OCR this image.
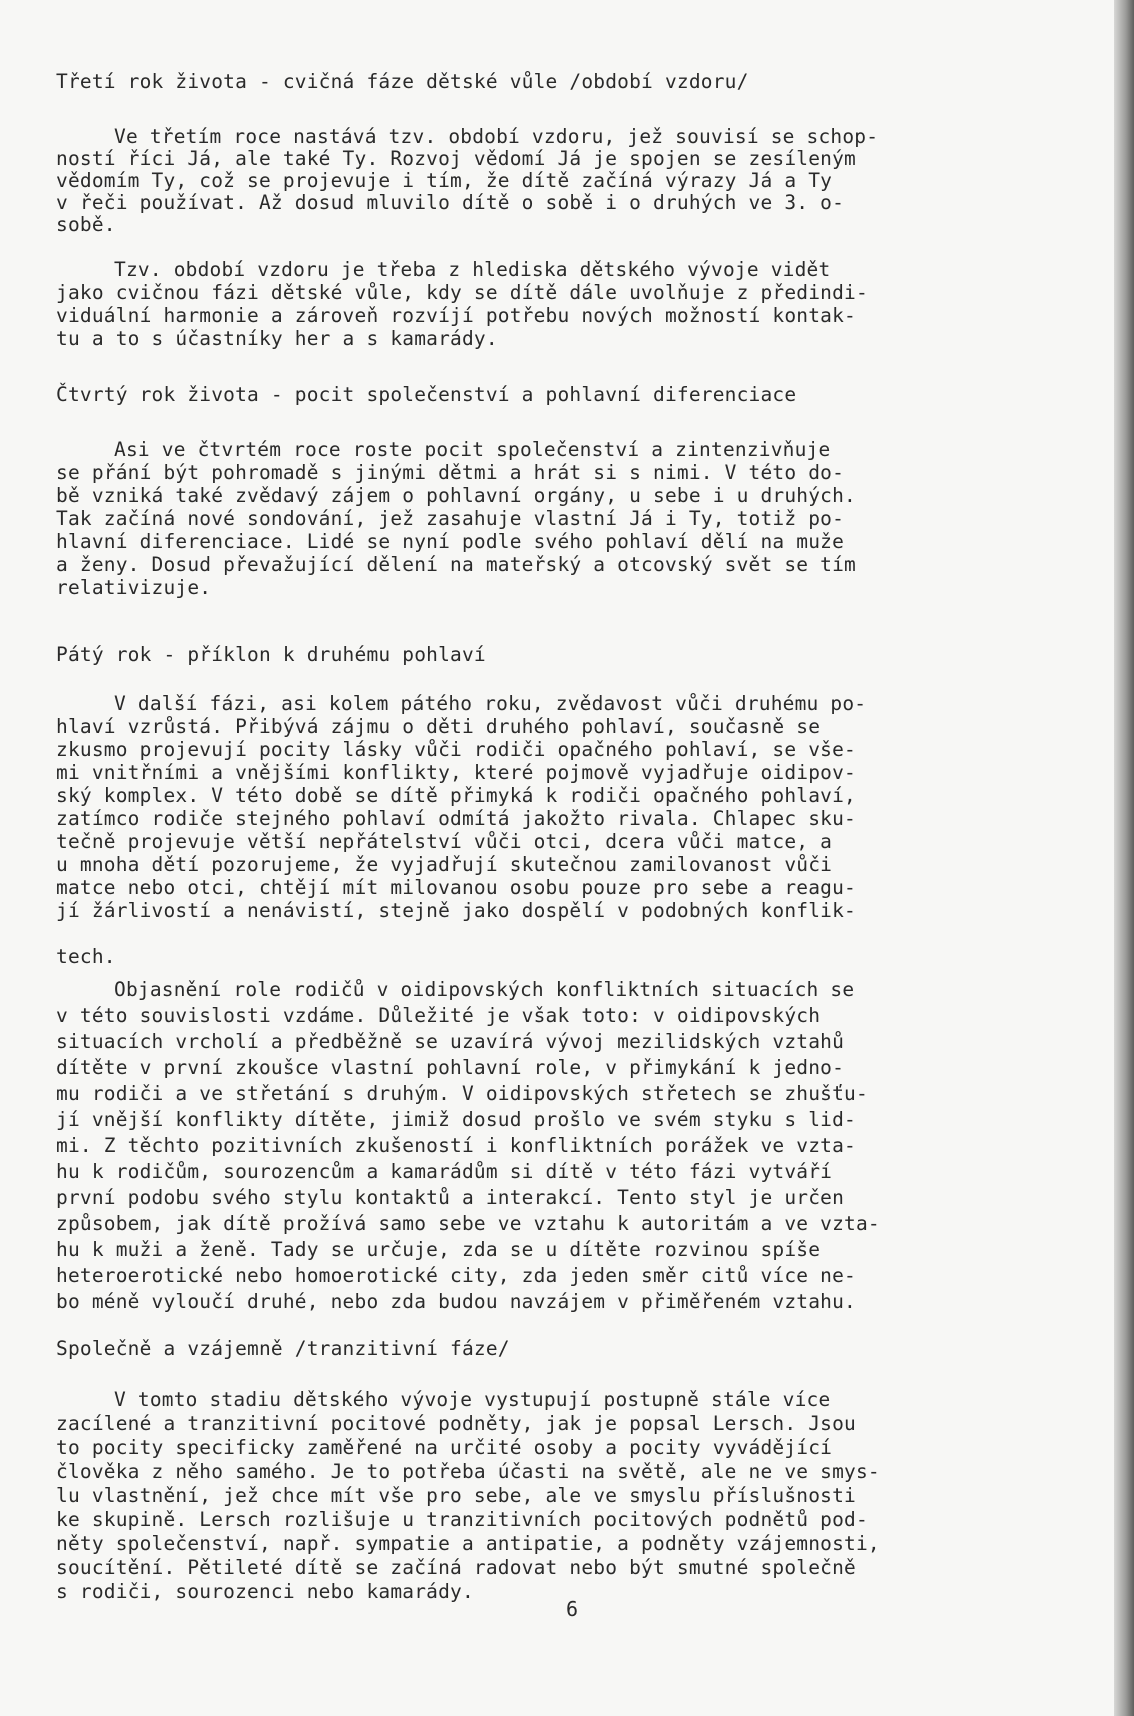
Třetí rok života - cvičná fáze dětské vůle /období vzdoru/
Ve třetím roce nastává tzv. období vzdoru, jež souvisí se schop-
ností říci Já, ale také Ty. Rozvoj vědomí Já je spojen se zesíleným
vědomím Ty, což se projevuje i tím, že dítě začíná výrazy Já a Ty
v řeči používat. Až dosud mluvilo dítě o sobě i o druhých ve 3. o-
sobě.
Tzv. období vzdoru je třeba z hlediska dětského vývoje vidět
jako cvičnou fázi dětské vůle, kdy se dítě dále uvolňuje z předindi-
viduální harmonie a zároveň rozvíjí potřebu nových možností kontak-
tu a to s účastníky her a s kamarády.
Čtvrtý rok života - pocit společenství a pohlavní diferenciace
Asi ve čtvrtém roce roste pocit společenství a zintenzivňuje
se přání být pohromadě s jinými dětmi a hrát si s nimi. V této do-
bě vzniká také zvědavý zájem o pohlavní orgány, u sebe i u druhých.
Tak začíná nové sondování, jež zasahuje vlastní Já i Ty, totiž po-
hlavní diferenciace. Lidé se nyní podle svého pohlaví dělí na muže
a ženy. Dosud převažující dělení na mateřský a otcovský svět se tím
relativizuje.
Pátý rok - příklon k druhému pohlaví
V další fázi, asi kolem pátého roku, zvědavost vůči druhému po-
hlaví vzrůstá. Přibývá zájmu o děti druhého pohlaví, současně se
zkusmo projevují pocity lásky vůči rodiči opačného pohlaví, se vše-
mi vnitřními a vnějšími konflikty, které pojmově vyjadřuje oidipov-
ský komplex. V této době se dítě přimyká k rodiči opačného pohlaví,
zatímco rodiče stejného pohlaví odmítá jakožto rivala. Chlapec sku-
tečně projevuje větší nepřátelství vůči otci, dcera vůči matce, a
u mnoha dětí pozorujeme, že vyjadřují skutečnou zamilovanost vůči
matce nebo otci, chtějí mít milovanou osobu pouze pro sebe a reagu-
jí žárlivostí a nenávistí, stejně jako dospělí v podobných konflik-
tech.
Objasnění role rodičů v oidipovských konfliktních situacích se
v této souvislosti vzdáme. Důležité je však toto: v oidipovských
situacích vrcholí a předběžně se uzavírá vývoj mezilidských vztahů
dítěte v první zkoušce vlastní pohlavní role, v přimykání k jedno-
mu rodiči a ve střetání s druhým. V oidipovských střetech se zhušťu-
jí vnější konflikty dítěte, jimiž dosud prošlo ve svém styku s lid-
mi. Z těchto pozitivních zkušeností i konfliktních porážek ve vzta-
hu k rodičům, sourozencům a kamarádům si dítě v této fázi vytváří
první podobu svého stylu kontaktů a interakcí. Tento styl je určen
způsobem, jak dítě prožívá samo sebe ve vztahu k autoritám a ve vzta-
hu k muži a ženě. Tady se určuje, zda se u dítěte rozvinou spíše
heteroerotické nebo homoerotické city, zda jeden směr citů více ne-
bo méně vyloučí druhé, nebo zda budou navzájem v přiměřeném vztahu.
Společně a vzájemně /tranzitivní fáze/
V tomto stadiu dětského vývoje vystupují postupně stále více
zacílené a tranzitivní pocitové podněty, jak je popsal Lersch. Jsou
to pocity specificky zaměřené na určité osoby a pocity vyvádějící
člověka z něho samého. Je to potřeba účasti na světě, ale ne ve smys-
lu vlastnění, jež chce mít vše pro sebe, ale ve smyslu příslušnosti
ke skupině. Lersch rozlišuje u tranzitivních pocitových podnětů pod-
něty společenství, např. sympatie a antipatie, a podněty vzájemnosti,
soucítění. Pětileté dítě se začíná radovat nebo být smutné společně
s rodiči, sourozenci nebo kamarády.
6
